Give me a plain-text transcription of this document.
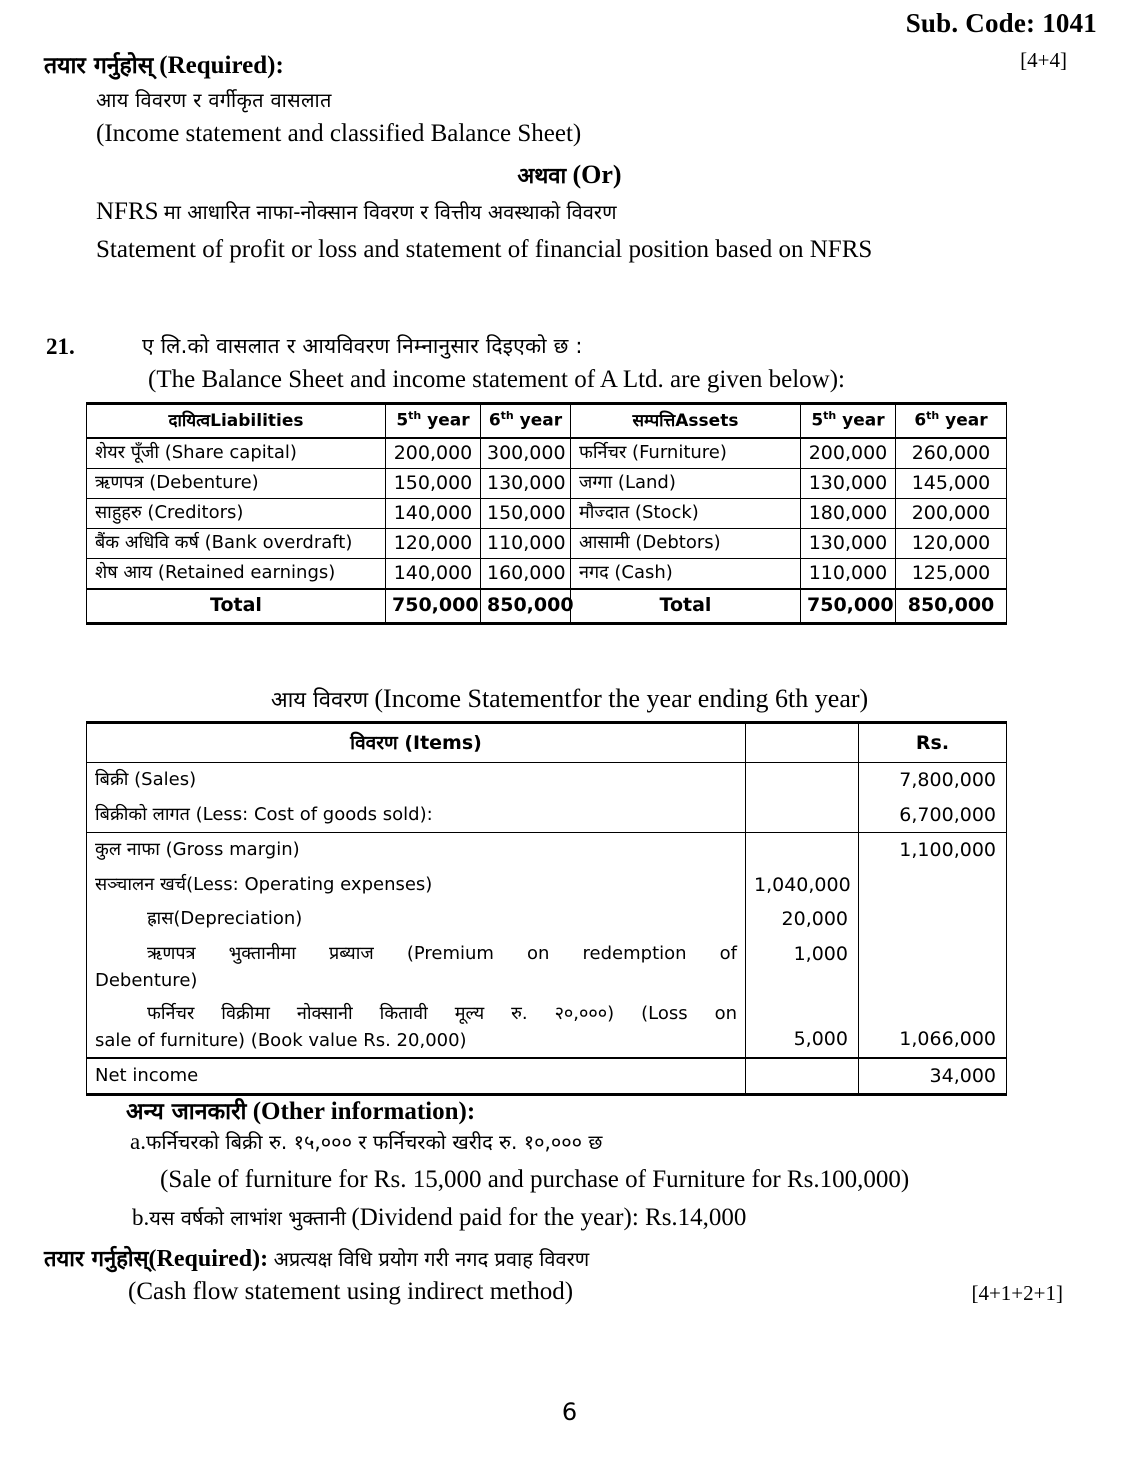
Sub. Code: 1041
[4+4]
तयार गर्नुहोस् (Required):
आय विवरण र वर्गीकृत वासलात
(Income statement and classified Balance Sheet)
अथवा (Or)
NFRS मा आधारित नाफा-नोक्सान विवरण र वित्तीय अवस्थाको विवरण
Statement of profit or loss and statement of financial position based on NFRS
21.	ए लि.को वासलात र आयविवरण निम्नानुसार दिइएको छ :
(The Balance Sheet and income statement of A Ltd. are given below):
दायित्वLiabilities	5th year	6th year	सम्पत्तिAssets	5th year	6th year
शेयर पूँजी (Share capital)	200,000	300,000	फर्निचर (Furniture)	200,000	260,000
ऋणपत्र (Debenture)	150,000	130,000	जग्गा (Land)	130,000	145,000
साहुहरु (Creditors)	140,000	150,000	मौज्दात (Stock)	180,000	200,000
बैंक अधिवि कर्ष (Bank overdraft)	120,000	110,000	आसामी (Debtors)	130,000	120,000
शेष आय (Retained earnings)	140,000	160,000	नगद (Cash)	110,000	125,000
Total	750,000	850,000	Total	750,000	850,000
आय विवरण (Income Statementfor the year ending 6th year)
विवरण (Items)		Rs.
बिक्री (Sales)		7,800,000
बिक्रीको लागत (Less: Cost of goods sold):		6,700,000
कुल नाफा (Gross margin)		1,100,000
सञ्चालन खर्च(Less: Operating expenses)	1,040,000	

ह्रास(Depreciation)	20,000	

ऋणपत्र भुक्तानीमा प्रब्याज (Premium on redemption of
Debenture)	1,000	

फर्निचर विक्रीमा नोक्सानी कितावी मूल्य रु. २०,०००) (Loss on
sale of furniture) (Book value Rs. 20,000)	5,000	1,066,000
Net income		34,000
अन्य जानकारी (Other information):
a.फर्निचरको बिक्री रु. १५,००० र फर्निचरको खरीद रु. १०,००० छ
(Sale of furniture for Rs. 15,000 and purchase of Furniture for Rs.100,000)
b.यस वर्षको लाभांश भुक्तानी (Dividend paid for the year): Rs.14,000
तयार गर्नुहोस्(Required): अप्रत्यक्ष विधि प्रयोग गरी नगद प्रवाह विवरण
(Cash flow statement using indirect method)	[4+1+2+1]
6
